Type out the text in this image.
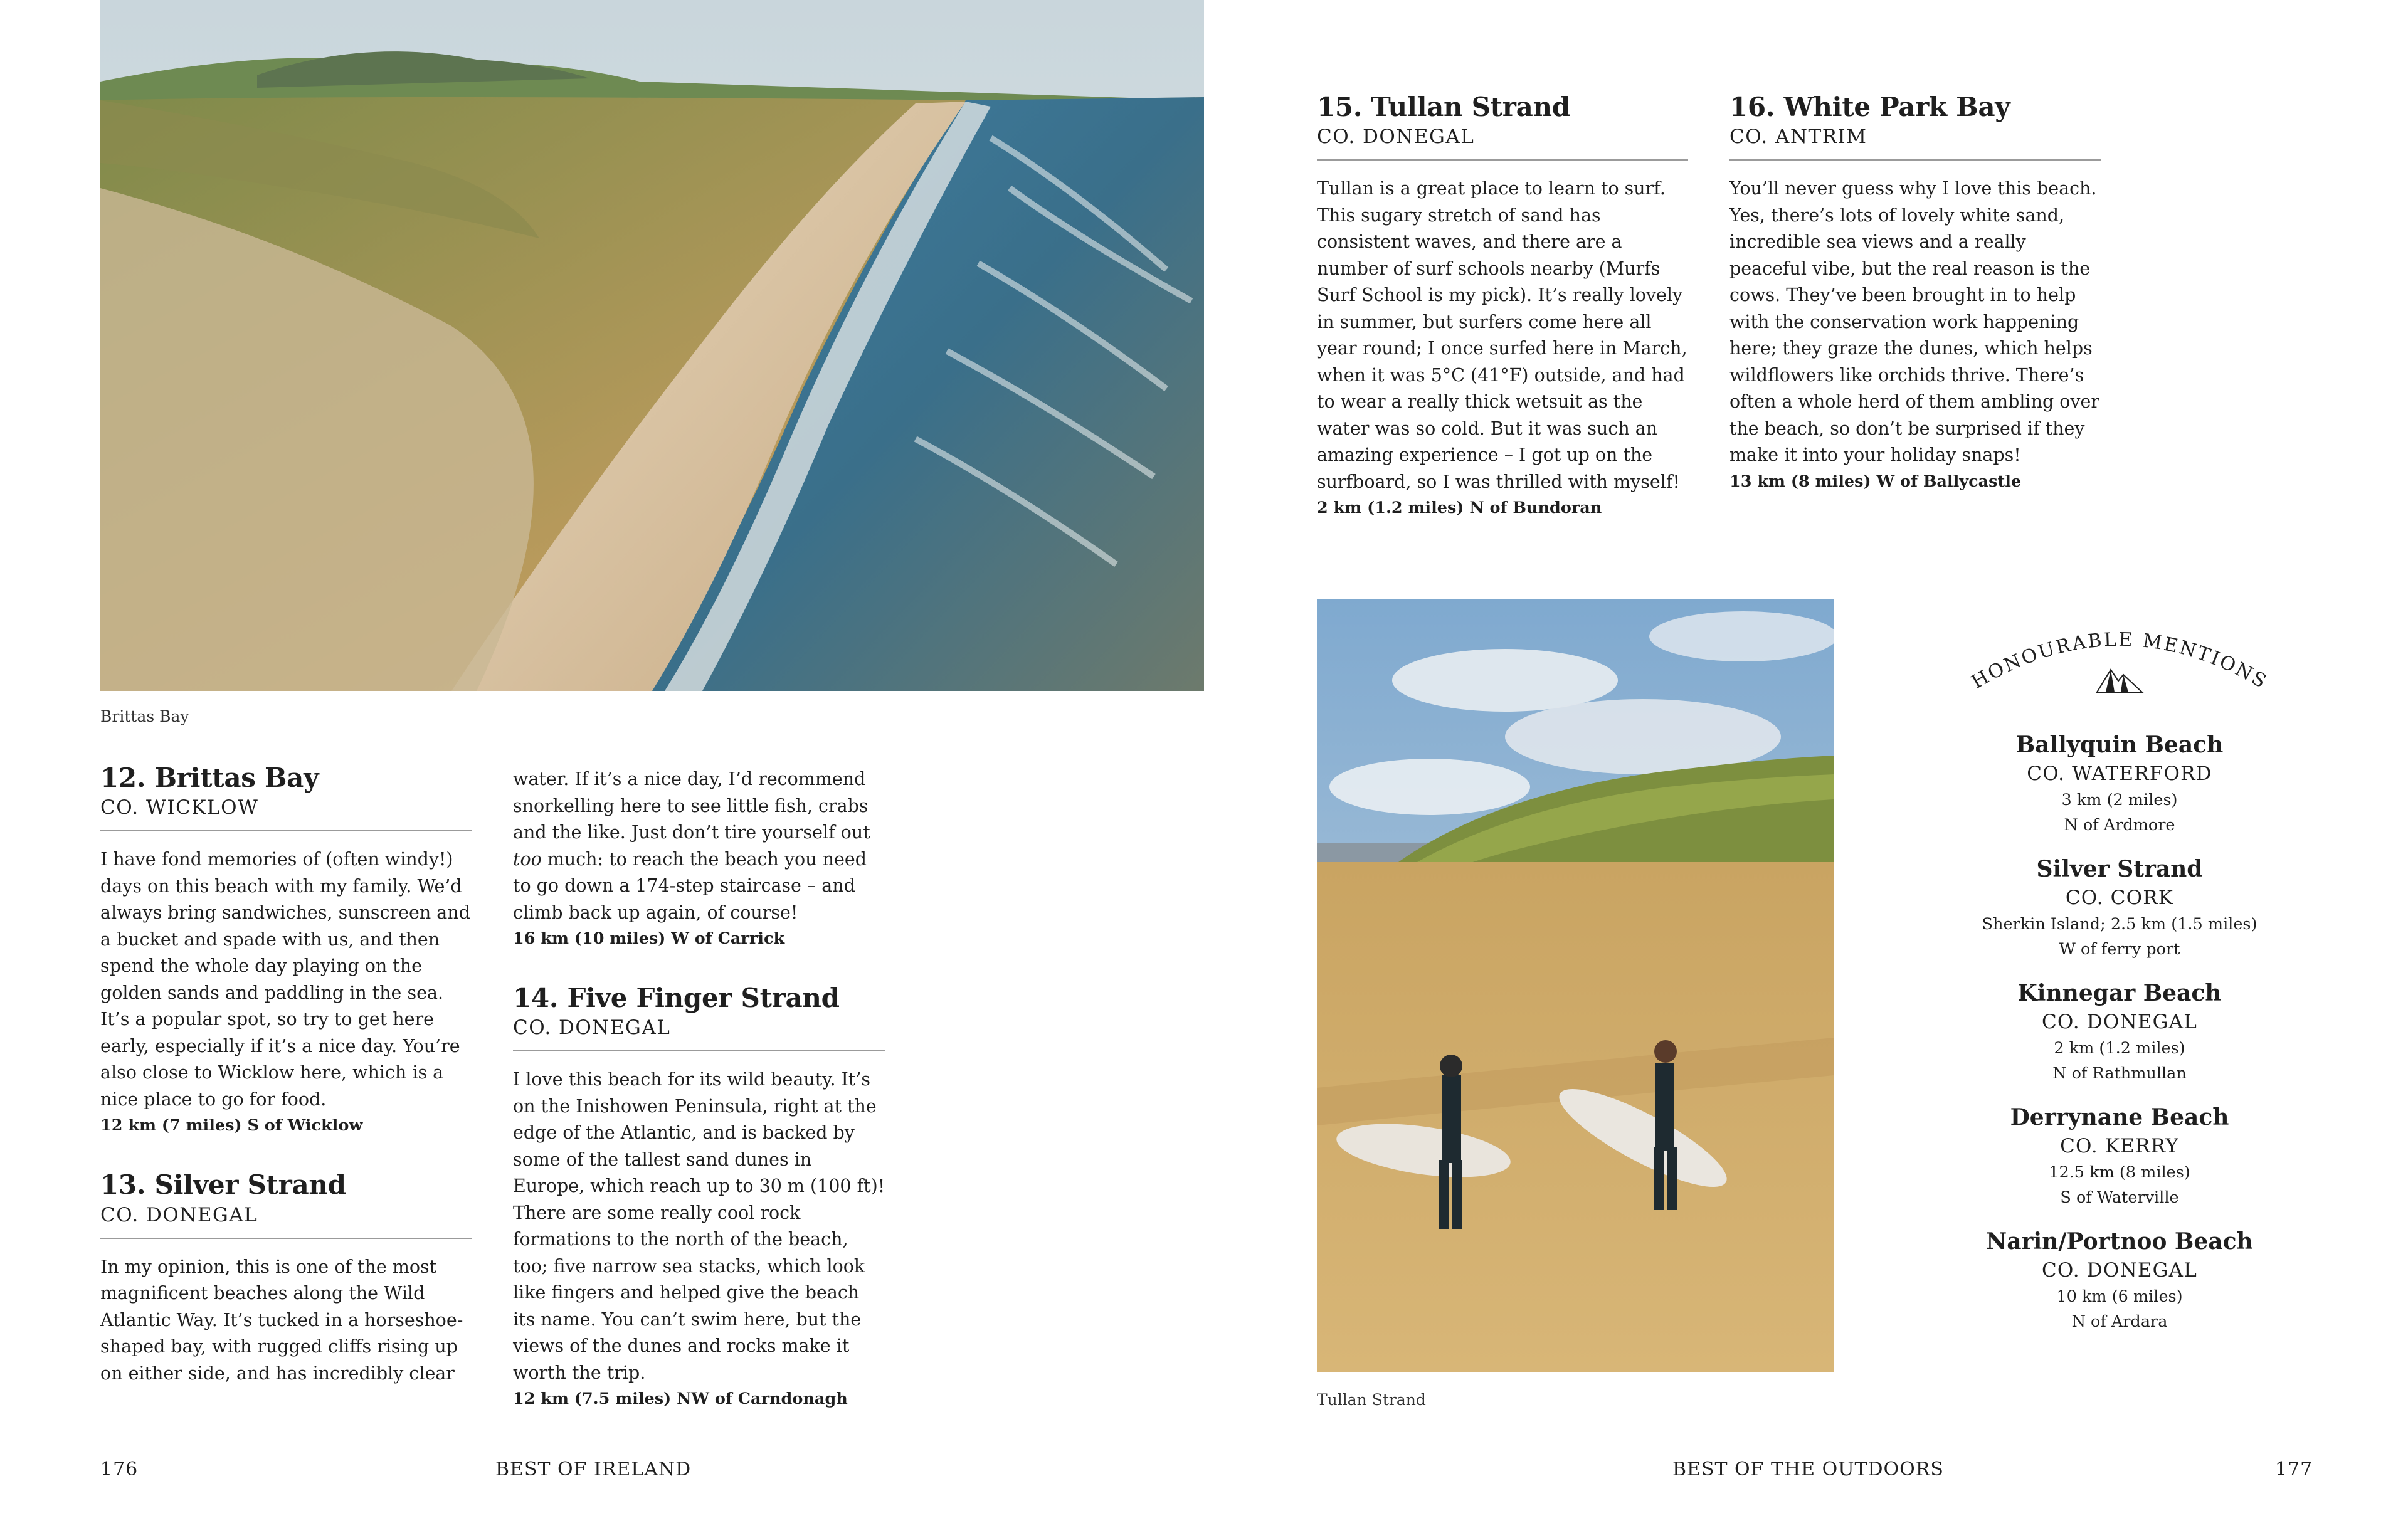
Brittas Bay
12. Brittas Bay
CO. WICKLOW
I have fond memories of (often windy!) days on this beach with my family. We’d always bring sandwiches, sunscreen and a bucket and spade with us, and then spend the whole day playing on the golden sands and paddling in the sea. It’s a popular spot, so try to get here early, especially if it’s a nice day. You’re also close to Wicklow here, which is a nice place to go for food.
12 km (7 miles) S of Wicklow
13. Silver Strand
CO. DONEGAL
In my opinion, this is one of the most magnificent beaches along the Wild Atlantic Way. It’s tucked in a horseshoe-shaped bay, with rugged cliffs rising up on either side, and has incredibly clear
water. If it’s a nice day, I’d recommend snorkelling here to see little fish, crabs and the like. Just don’t tire yourself out too much: to reach the beach you need to go down a 174-step staircase – and climb back up again, of course!
16 km (10 miles) W of Carrick
14. Five Finger Strand
CO. DONEGAL
I love this beach for its wild beauty. It’s on the Inishowen Peninsula, right at the edge of the Atlantic, and is backed by some of the tallest sand dunes in Europe, which reach up to 30 m (100 ft)! There are some really cool rock formations to the north of the beach, too; five narrow sea stacks, which look like fingers and helped give the beach its name. You can’t swim here, but the views of the dunes and rocks make it worth the trip.
12 km (7.5 miles) NW of Carndonagh
176	BEST OF IRELAND
15. Tullan Strand
CO. DONEGAL
Tullan is a great place to learn to surf. This sugary stretch of sand has consistent waves, and there are a number of surf schools nearby (Murfs Surf School is my pick). It’s really lovely in summer, but surfers come here all year round; I once surfed here in March, when it was 5°C (41°F) outside, and had to wear a really thick wetsuit as the water was so cold. But it was such an amazing experience – I got up on the surfboard, so I was thrilled with myself!
2 km (1.2 miles) N of Bundoran
16. White Park Bay
CO. ANTRIM
You’ll never guess why I love this beach. Yes, there’s lots of lovely white sand, incredible sea views and a really peaceful vibe, but the real reason is the cows. They’ve been brought in to help with the conservation work happening here; they graze the dunes, which helps wildflowers like orchids thrive. There’s often a whole herd of them ambling over the beach, so don’t be surprised if they make it into your holiday snaps!
13 km (8 miles) W of Ballycastle
Tullan Strand
HONOURABLE MENTIONS
Ballyquin Beach
CO. WATERFORD
3 km (2 miles)
N of Ardmore
Silver Strand
CO. CORK
Sherkin Island; 2.5 km (1.5 miles)
W of ferry port
Kinnegar Beach
CO. DONEGAL
2 km (1.2 miles)
N of Rathmullan
Derrynane Beach
CO. KERRY
12.5 km (8 miles)
S of Waterville
Narin/Portnoo Beach
CO. DONEGAL
10 km (6 miles)
N of Ardara
BEST OF THE OUTDOORS	177
